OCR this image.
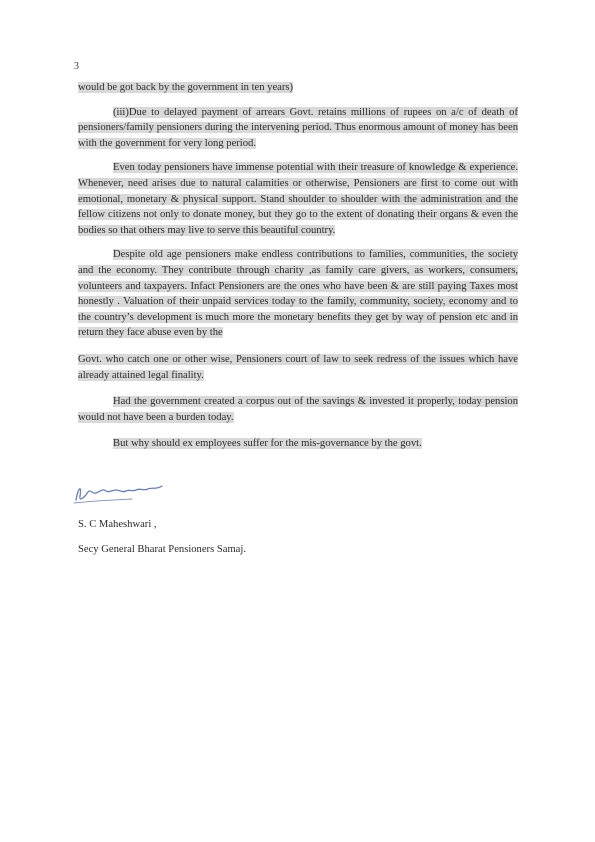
3

would be got back by the government in ten years)

(iii)Due to delayed payment of arrears Govt. retains millions of rupees on a/c of death of pensioners/family pensioners during the intervening period. Thus enormous amount of money has been with the government for very long period.

Even today pensioners have immense potential with their treasure of knowledge & experience. Whenever, need arises due to natural calamities or otherwise, Pensioners are first to come out with emotional, monetary & physical support. Stand shoulder to shoulder with the administration and the fellow citizens not only to donate money, but they go to the extent of donating their organs & even the bodies so that others may live to serve this beautiful country.

Despite old age pensioners make endless contributions to families, communities, the society and the economy. They contribute through charity ,as family care givers, as workers, consumers, volunteers and taxpayers. Infact Pensioners are the ones who have been & are still paying Taxes most honestly . Valuation of their unpaid services today to the family, community, society, economy and to the country’s development is much more the monetary benefits they get by way of pension etc and in return they face abuse even by the

Govt. who catch one or other wise, Pensioners court of law to seek redress of the issues which have already attained legal finality.

Had the government created a corpus out of the savings & invested it properly, today pension would not have been a burden today.

But why should ex employees suffer for the mis-governance by the govt.

S. C Maheshwari ,
Secy General Bharat Pensioners Samaj.
